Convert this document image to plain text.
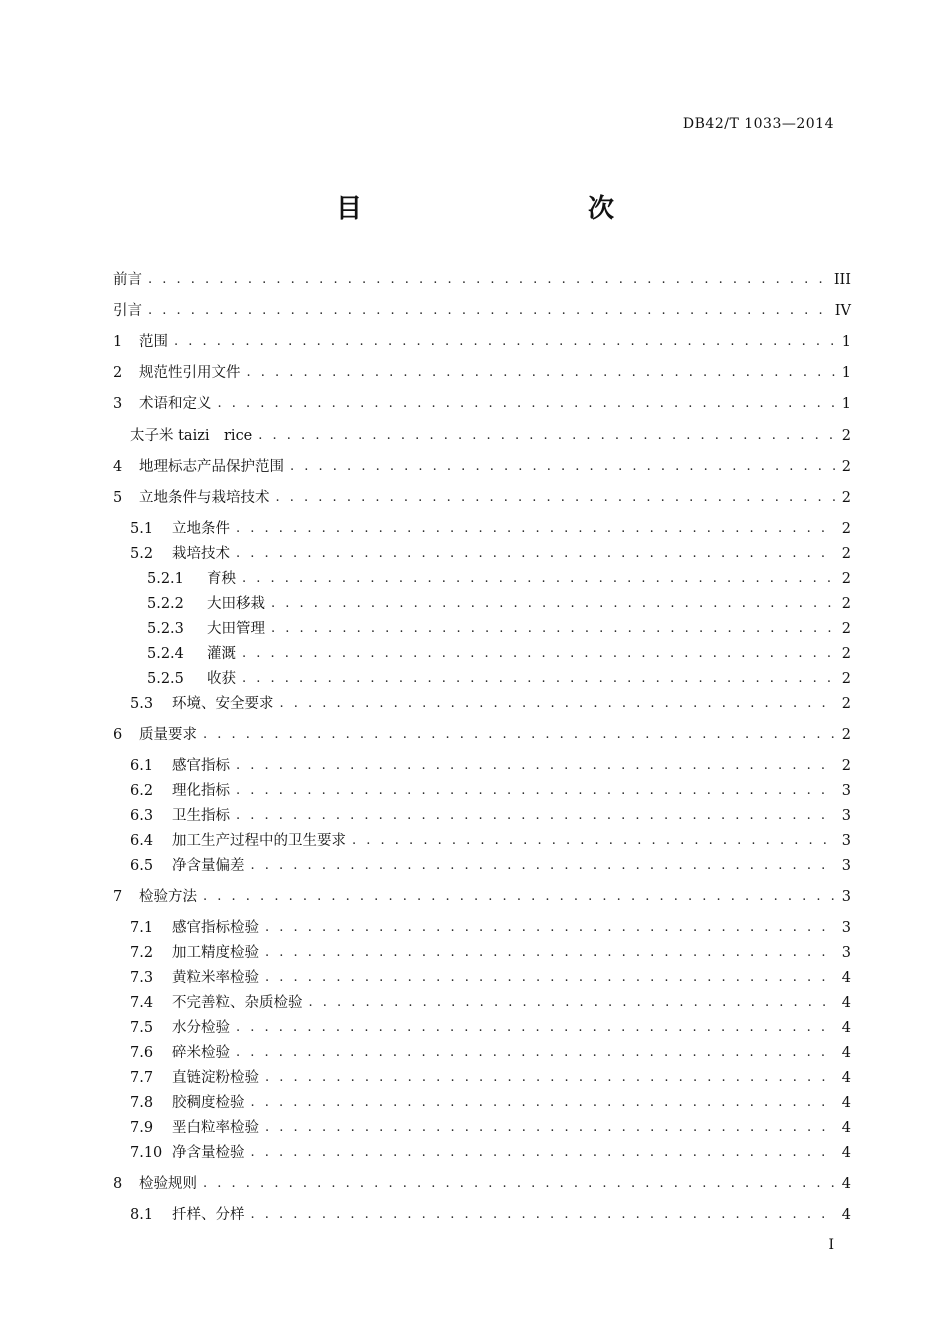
DB42/T 1033—2014
目　　次
前言 . . .	III
引言 . . .	IV
1	范围 . . .	1
2	规范性引用文件 . . .	1
3	术语和定义 . . .	1
太子米 taizi　rice . . .	2
4	地理标志产品保护范围 . . .	2
5	立地条件与栽培技术 . . .	2
5.1	立地条件 . . .	2
5.2	栽培技术 . . .	2
5.2.1	育秧 . . .	2
5.2.2	大田移栽 . . .	2
5.2.3	大田管理 . . .	2
5.2.4	灌溉 . . .	2
5.2.5	收获 . . .	2
5.3	环境、安全要求 . . .	2
6	质量要求 . . .	2
6.1	感官指标 . . .	2
6.2	理化指标 . . .	3
6.3	卫生指标 . . .	3
6.4	加工生产过程中的卫生要求 . . .	3
6.5	净含量偏差 . . .	3
7	检验方法 . . .	3
7.1	感官指标检验 . . .	3
7.2	加工精度检验 . . .	3
7.3	黄粒米率检验 . . .	4
7.4	不完善粒、杂质检验 . . .	4
7.5	水分检验 . . .	4
7.6	碎米检验 . . .	4
7.7	直链淀粉检验 . . .	4
7.8	胶稠度检验 . . .	4
7.9	垩白粒率检验 . . .	4
7.10 净含量检验 . . .	4
8	检验规则 . . .	4
8.1	扦样、分样 . . .	4
I
